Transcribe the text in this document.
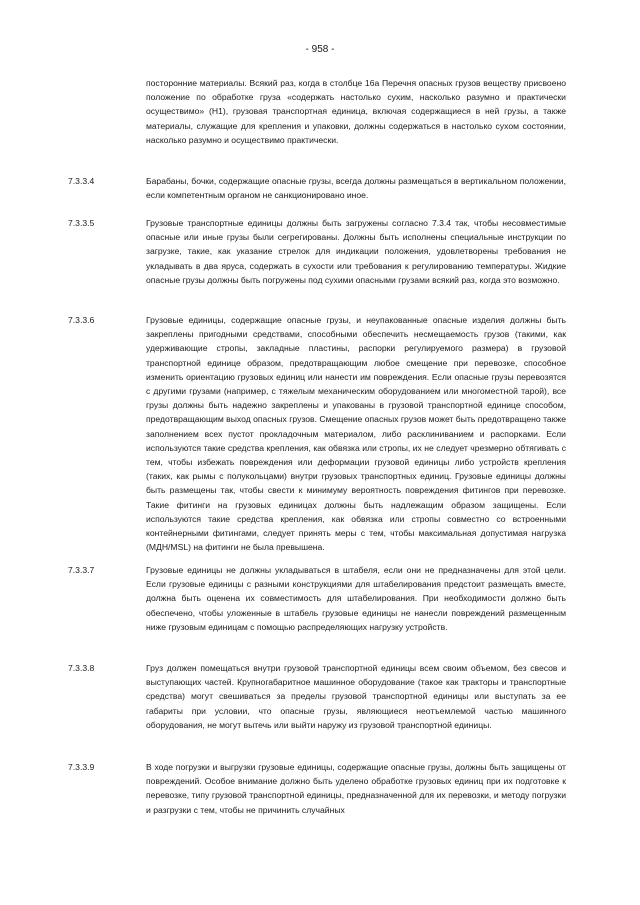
- 958 -

посторонние материалы. Всякий раз, когда в столбце 16а Перечня опасных грузов веществу присвоено положение по обработке груза «содержать настолько сухим, насколько разумно и практически осуществимо» (H1), грузовая транспортная единица, включая содержащиеся в ней грузы, а также материалы, служащие для крепления и упаковки, должны содержаться в настолько сухом состоянии, насколько разумно и осуществимо практически.

7.3.3.4	Барабаны, бочки, содержащие опасные грузы, всегда должны размещаться в вертикальном положении, если компетентным органом не санкционировано иное.

7.3.3.5	Грузовые транспортные единицы должны быть загружены согласно 7.3.4 так, чтобы несовместимые опасные или иные грузы были сегрегированы. Должны быть исполнены специальные инструкции по загрузке, такие, как указание стрелок для индикации положения, удовлетворены требования не укладывать в два яруса, содержать в сухости или требования к регулированию температуры. Жидкие опасные грузы должны быть погружены под сухими опасными грузами всякий раз, когда это возможно.

7.3.3.6	Грузовые единицы, содержащие опасные грузы, и неупакованные опасные изделия должны быть закреплены пригодными средствами, способными обеспечить несмещаемость грузов (такими, как удерживающие стропы, закладные пластины, распорки регулируемого размера) в грузовой транспортной единице образом, предотвращающим любое смещение при перевозке, способное изменить ориентацию грузовых единиц или нанести им повреждения. Если опасные грузы перевозятся с другими грузами (например, с тяжелым механическим оборудованием или многоместной тарой), все грузы должны быть надежно закреплены и упакованы в грузовой транспортной единице способом, предотвращающим выход опасных грузов. Смещение опасных грузов может быть предотвращено также заполнением всех пустот прокладочным материалом, либо расклиниванием и распорками. Если используются такие средства крепления, как обвязка или стропы, их не следует чрезмерно обтягивать с тем, чтобы избежать повреждения или деформации грузовой единицы либо устройств крепления (таких, как рымы с полукольцами) внутри грузовых транспортных единиц. Грузовые единицы должны быть размещены так, чтобы свести к минимуму вероятность повреждения фитингов при перевозке. Такие фитинги на грузовых единицах должны быть надлежащим образом защищены. Если используются такие средства крепления, как обвязка или стропы совместно со встроенными контейнерными фитингами, следует принять меры с тем, чтобы максимальная допустимая нагрузка (МДН/MSL) на фитинги не была превышена.

7.3.3.7	Грузовые единицы не должны укладываться в штабеля, если они не предназначены для этой цели. Если грузовые единицы с разными конструкциями для штабелирования предстоит размещать вместе, должна быть оценена их совместимость для штабелирования. При необходимости должно быть обеспечено, чтобы уложенные в штабель грузовые единицы не нанесли повреждений размещенным ниже грузовым единицам с помощью распределяющих нагрузку устройств.

7.3.3.8	Груз должен помещаться внутри грузовой транспортной единицы всем своим объемом, без свесов и выступающих частей. Крупногабаритное машинное оборудование (такое как тракторы и транспортные средства) могут свешиваться за пределы грузовой транспортной единицы или выступать за ее габариты при условии, что опасные грузы, являющиеся неотъемлемой частью машинного оборудования, не могут вытечь или выйти наружу из грузовой транспортной единицы.

7.3.3.9	В ходе погрузки и выгрузки грузовые единицы, содержащие опасные грузы, должны быть защищены от повреждений. Особое внимание должно быть уделено обработке грузовых единиц при их подготовке к перевозке, типу грузовой транспортной единицы, предназначенной для их перевозки, и методу погрузки и разгрузки с тем, чтобы не причинить случайных
